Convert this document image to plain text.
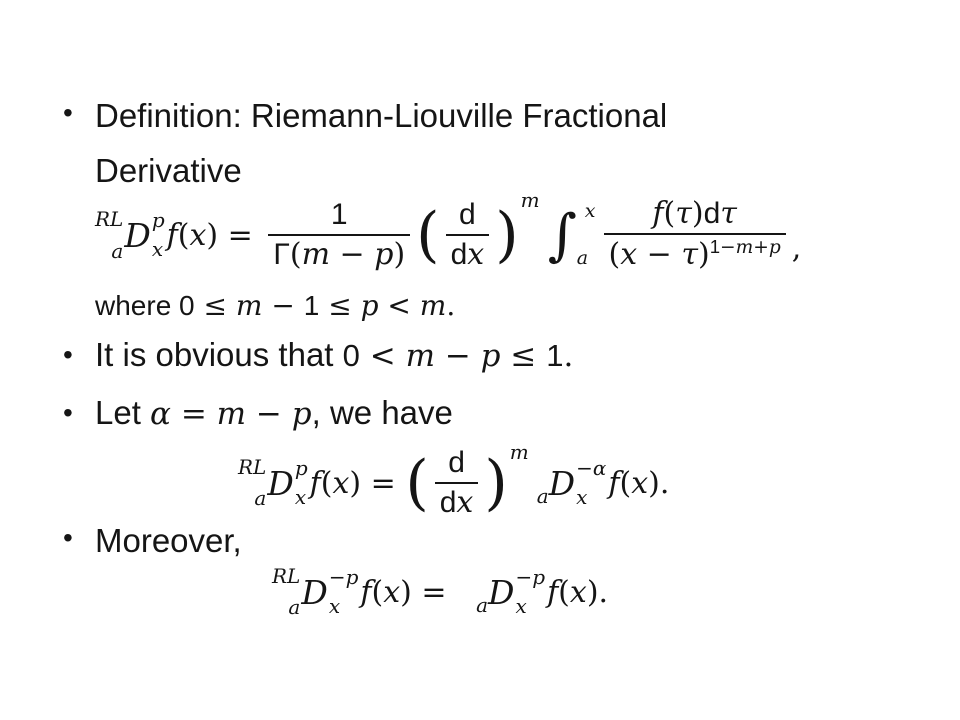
• Definition: Riemann-Liouville Fractional Derivative
RL
a D p
x $f(x) = \frac{1}{\Gamma(m - p)}$ ( $\frac{d}{dx}$ ) m
∫ x
a $\frac{f(\tau)d\tau}{(x - \tau)^{1-m+p}}$ ,
where 0 ≤ m − 1 ≤ p < m.
• It is obvious that 0 < m − p ≤ 1.
• Let α = m − p, we have
RL
a D p
x f(x) = ( $\frac{d}{dx}$ ) m
a D −α
x f(x).
• Moreover,
RL
a D −p
x f(x) = a D −p
x f(x).
